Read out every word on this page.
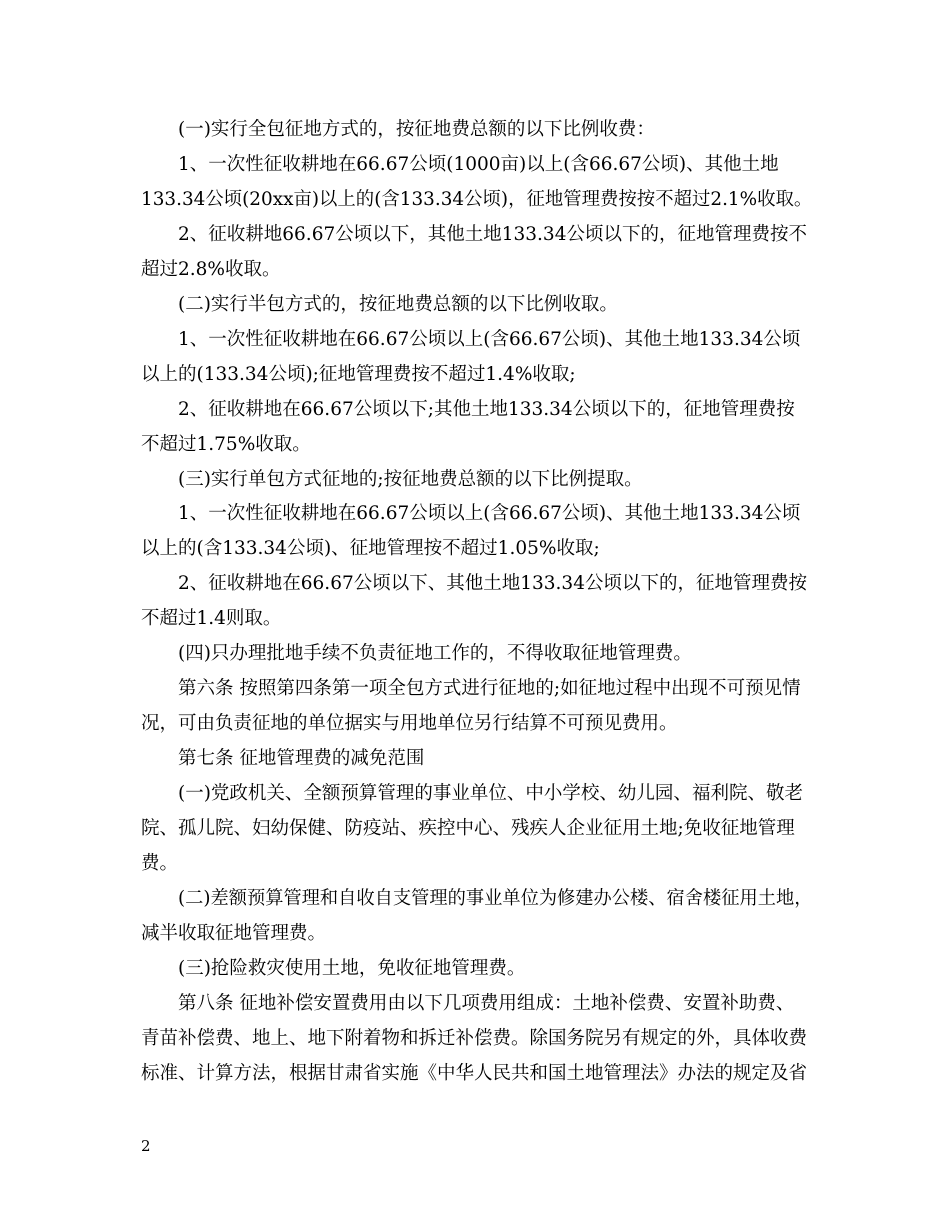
(一)实行全包征地方式的，按征地费总额的以下比例收费：
1、一次性征收耕地在66.67公顷(1000亩)以上(含66.67公顷)、其他土地
133.34公顷(20xx亩)以上的(含133.34公顷)，征地管理费按按不超过2.1%收取。
2、征收耕地66.67公顷以下，其他土地133.34公顷以下的，征地管理费按不
超过2.8%收取。
(二)实行半包方式的，按征地费总额的以下比例收取。
1、一次性征收耕地在66.67公顷以上(含66.67公顷)、其他土地133.34公顷
以上的(133.34公顷);征地管理费按不超过1.4%收取;
2、征收耕地在66.67公顷以下;其他土地133.34公顷以下的，征地管理费按
不超过1.75%收取。
(三)实行单包方式征地的;按征地费总额的以下比例提取。
1、一次性征收耕地在66.67公顷以上(含66.67公顷)、其他土地133.34公顷
以上的(含133.34公顷)、征地管理按不超过1.05%收取;
2、征收耕地在66.67公顷以下、其他土地133.34公顷以下的，征地管理费按
不超过1.4则取。
(四)只办理批地手续不负责征地工作的，不得收取征地管理费。
第六条 按照第四条第一项全包方式进行征地的;如征地过程中出现不可预见情
况，可由负责征地的单位据实与用地单位另行结算不可预见费用。
第七条 征地管理费的减免范围
(一)党政机关、全额预算管理的事业单位、中小学校、幼儿园、福利院、敬老
院、孤儿院、妇幼保健、防疫站、疾控中心、残疾人企业征用土地;免收征地管理
费。
(二)差额预算管理和自收自支管理的事业单位为修建办公楼、宿舍楼征用土地，
减半收取征地管理费。
(三)抢险救灾使用土地，免收征地管理费。
第八条 征地补偿安置费用由以下几项费用组成：土地补偿费、安置补助费、
青苗补偿费、地上、地下附着物和拆迁补偿费。除国务院另有规定的外，具体收费
标准、计算方法，根据甘肃省实施《中华人民共和国土地管理法》办法的规定及省
2
